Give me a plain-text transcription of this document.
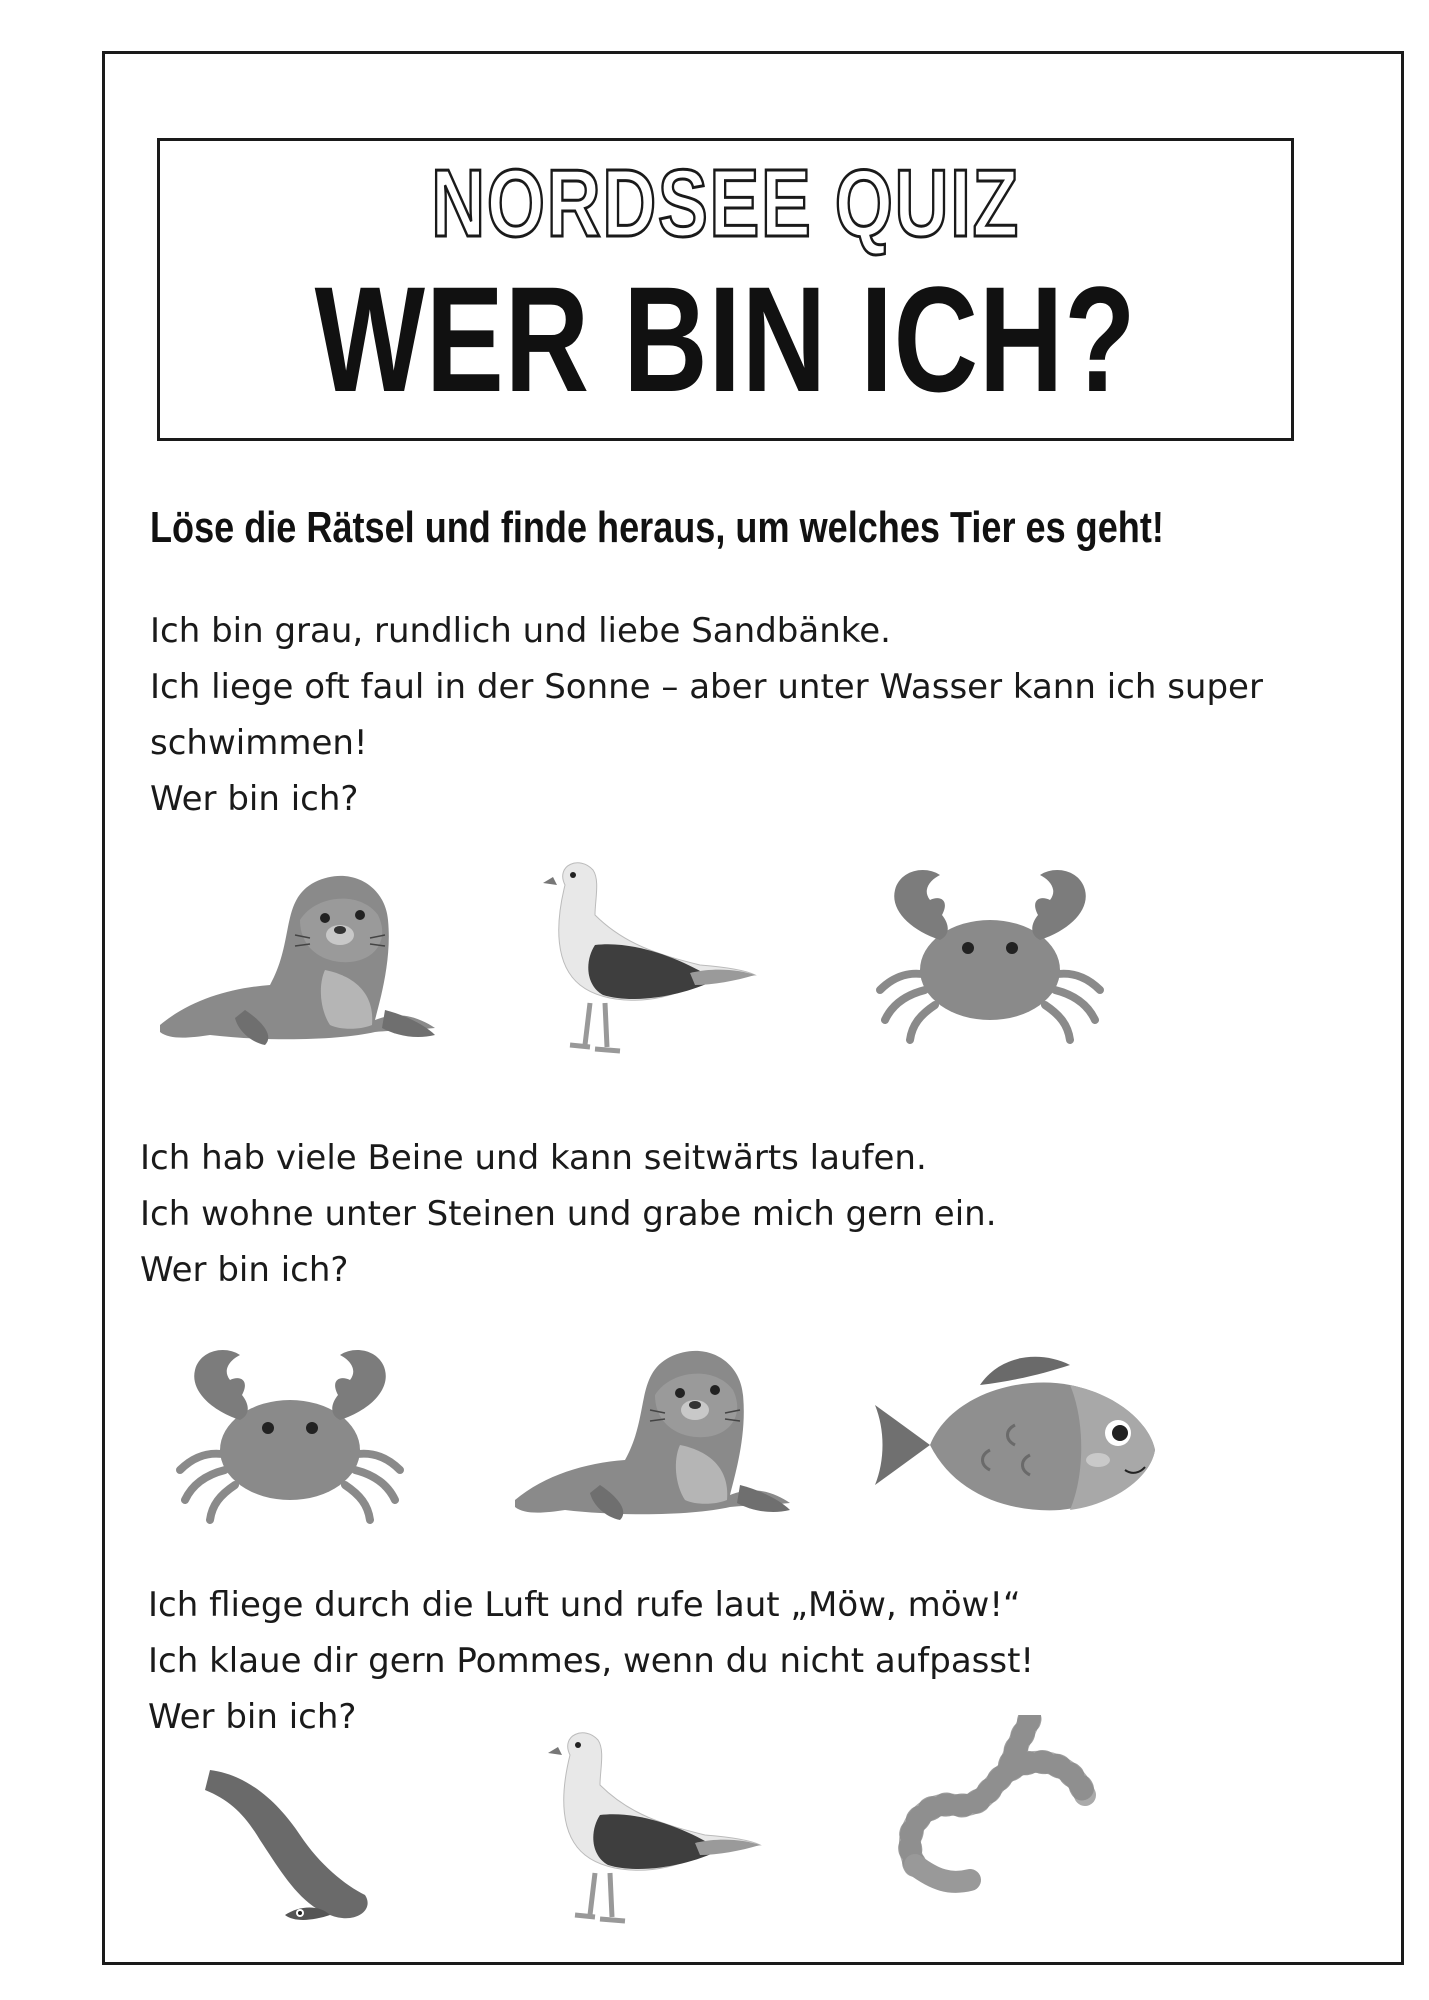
NORDSEE QUIZ
WER BIN ICH?
Löse die Rätsel und finde heraus, um welches Tier es geht!
Ich bin grau, rundlich und liebe Sandbänke.
Ich liege oft faul in der Sonne – aber unter Wasser kann ich super
schwimmen!
Wer bin ich?
Ich hab viele Beine und kann seitwärts laufen.
Ich wohne unter Steinen und grabe mich gern ein.
Wer bin ich?
Ich fliege durch die Luft und rufe laut „Möw, möw!“
Ich klaue dir gern Pommes, wenn du nicht aufpasst!
Wer bin ich?
